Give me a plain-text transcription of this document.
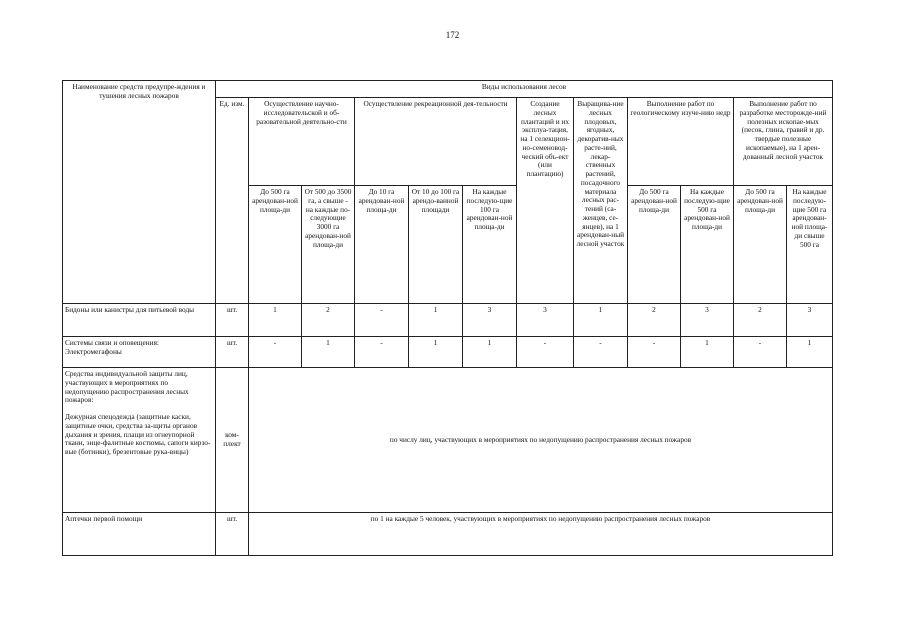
172
Наименование средств предупре-ждения и тушения лесных пожаров	Виды использования лесов											
	Ед. изм.	Осуществление научно-исследовательской и об-разовательной деятельно-сти		Осуществление рекреационной дея-тельности			Создание лесных плантаций и их эксплуа-тация, на 1 селекцион-но-семеновод-ческий объ-ект (или плантацию)	Выращива-ние лесных плодовых, ягодных, декоратив-ных расте-ний, лекар-ственных растений, посадочного материала лесных рас-тений (са-женцев, се-янцев), на 1 арендован-ный лесной участок	Выполнение работ по геологическому изуче-нию недр		Выполнение работ по разработке месторожде-ний полезных ископае-мых (песок, глина, гравий и др. твердые полезные ископаемые), на 1 арен-дованный лесной участок	
		До 500 га арендован-ной площа-ди	От 500 до 3500 га, а свыше - на каждые по-следующие 3000 га арендован-ной площа-ди	До 10 га арендован-ной площа-ди	От 10 до 100 га арендо-ванной площади	На каждые последую-щие 100 га арендован-ной площа-ди			До 500 га арендован-ной площа-ди	На каждые последую-щие 500 га арендован-ной площа-ди	До 500 га арендован-ной площа-ди	На каждые последую-щие 500 га арендован-ной площа-ди свыше 500 га
Бидоны или канистры для питьевой воды	шт.	1	2	-	1	3	3	1	2	3	2	3
Системы связи и оповещения: Электромегафоны	шт.	-	1	-	1	1	-	-	-	1	-	1

Средства индивидуальной защиты лиц, участвующих в мероприятиях по недопущению распространения лесных пожаров:
Дежурная спецодежда (защитные каски, защитные очки, средства за-щиты органов дыхания и зрения, плащи из огнеупорной ткани, энце-фалитные костюмы, сапоги кирзо-вые (ботинки), брезентовые рука-вицы)	ком-плект	по числу лиц, участвующих в мероприятиях по недопущению распространения лесных пожаров										
Аптечки первой помощи	шт.	по 1 на каждые 5 человек, участвующих в мероприятиях по недопущению распространения лесных пожаров										
